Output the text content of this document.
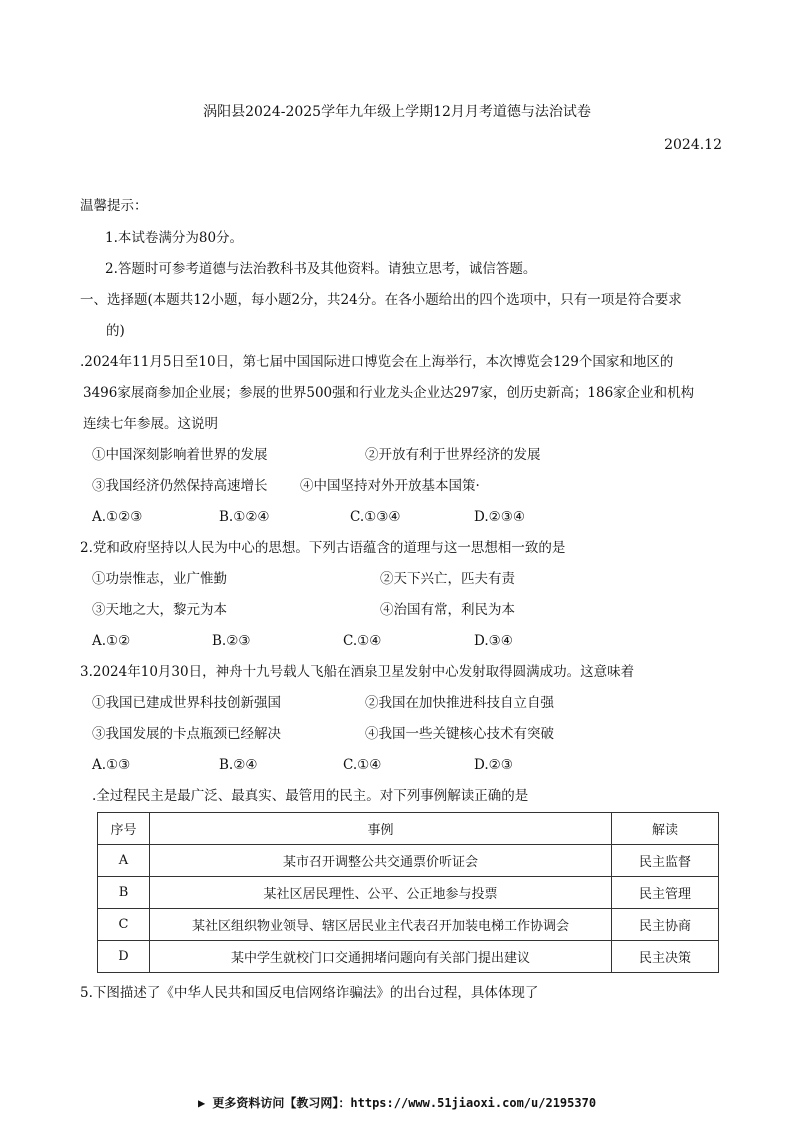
涡阳县2024-2025学年九年级上学期12月月考道德与法治试卷
2024.12
温馨提示：
1.本试卷满分为80分。
2.答题时可参考道德与法治教科书及其他资料。请独立思考，诚信答题。
一、选择题(本题共12小题，每小题2分，共24分。在各小题给出的四个选项中，只有一项是符合要求
的)
.2024年11月5日至10日，第七届中国国际进口博览会在上海举行，本次博览会129个国家和地区的
3496家展商参加企业展；参展的世界500强和行业龙头企业达297家，创历史新高；186家企业和机构
连续七年参展。这说明
①中国深刻影响着世界的发展	②开放有利于世界经济的发展
③我国经济仍然保持高速增长 ④中国坚持对外开放基本国策·
A.①②③	B.①②④	C.①③④	D.②③④
2.党和政府坚持以人民为中心的思想。下列古语蕴含的道理与这一思想相一致的是
①功崇惟志，业广惟勤	②天下兴亡，匹夫有责
③天地之大，黎元为本	④治国有常，利民为本
A.①②	B.②③	C.①④	D.③④
3.2024年10月30日，神舟十九号载人飞船在酒泉卫星发射中心发射取得圆满成功。这意味着
①我国已建成世界科技创新强国	②我国在加快推进科技自立自强
③我国发展的卡点瓶颈已经解决	④我国一些关键核心技术有突破
A.①③	B.②④	C.①④	D.②③
.全过程民主是最广泛、最真实、最管用的民主。对下列事例解读正确的是
序号	事例	解读
A	某市召开调整公共交通票价听证会	民主监督
B	某社区居民理性、公平、公正地参与投票	民主管理
C	某社区组织物业领导、辖区居民业主代表召开加装电梯工作协调会	民主协商
D	某中学生就校门口交通拥堵问题向有关部门提出建议	民主决策
5.下图描述了《中华人民共和国反电信网络诈骗法》的出台过程，具体体现了
▶ 更多资料访问【教习网】：https://www.51jiaoxi.com/u/2195370
